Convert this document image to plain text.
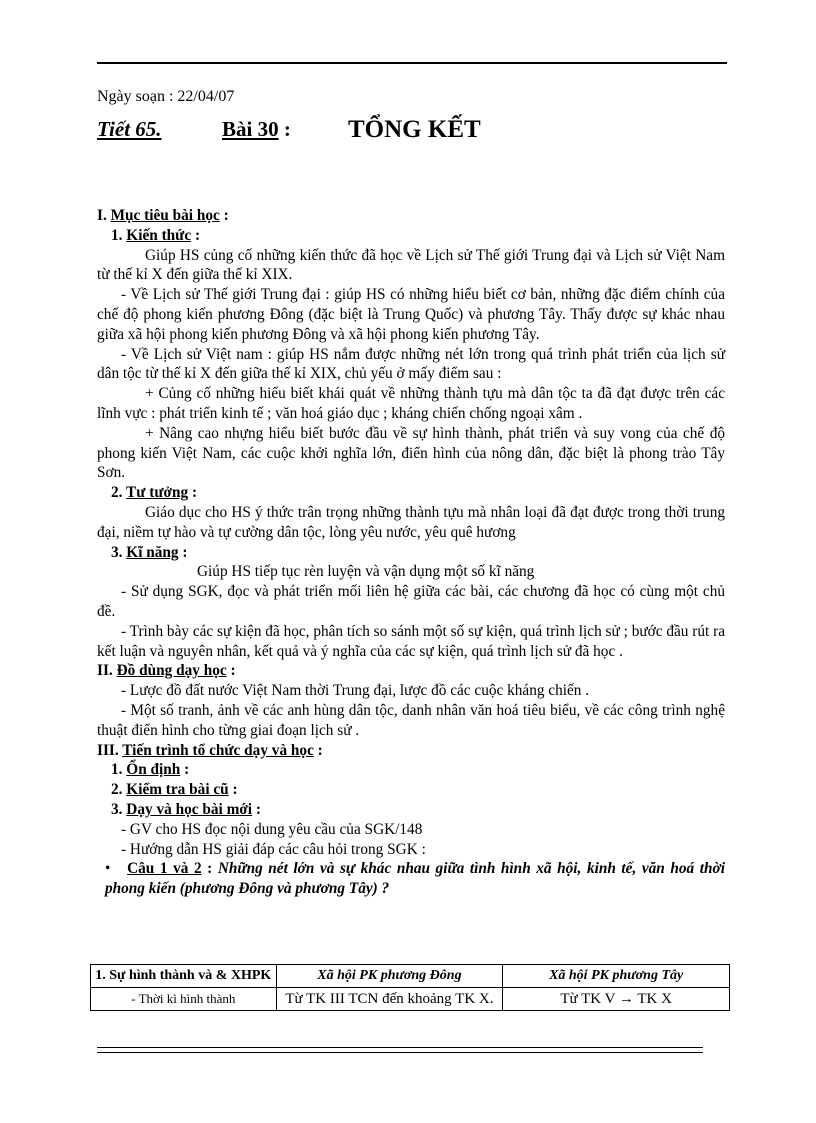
Ngày soạn : 22/04/07
Tiết 65.	Bài 30 : TỔNG KẾT

I. Mục tiêu bài học :

1. Kiến thức :

Giúp HS củng cố những kiến thức đã học về Lịch sử Thế giới Trung đại và Lịch sử Việt Nam từ thế kỉ X đến giữa thế kỉ XIX.

- Về Lịch sử Thế giới Trung đại : giúp HS có những hiểu biết cơ bản, những đặc điểm chính của chế độ phong kiến phương Đông (đặc biệt là Trung Quốc) và phương Tây. Thấy được sự khác nhau giữa xã hội phong kiến phương Đông và xã hội phong kiến phương Tây.

- Về Lịch sử Việt nam : giúp HS nắm được những nét lớn trong quá trình phát triển của lịch sử dân tộc từ thế kỉ X đến giữa thế kỉ XIX, chủ yếu ở mấy điểm sau :

+ Củng cố những hiểu biết khái quát về những thành tựu mà dân tộc ta đã đạt được trên các lĩnh vực : phát triển kinh tế ; văn hoá giáo dục ; kháng chiến chống ngoại xâm .

+ Nâng cao nhựng hiểu biết bước đầu về sự hình thành, phát triển và suy vong của chế độ phong kiến Việt Nam, các cuộc khởi nghĩa lớn, điển hình của nông dân, đặc biệt là phong trào Tây Sơn.

2. Tư tưởng :

Giáo dục cho HS ý thức trân trọng những thành tựu mà nhân loại đã đạt được trong thời trung đại, niềm tự hào và tự cường dân tộc, lòng yêu nước, yêu quê hương

3. Kĩ năng :

Giúp HS tiếp tục rèn luyện và vận dụng một số kĩ năng

- Sử dụng SGK, đọc và phát triển mối liên hệ giữa các bài, các chương đã học có cùng một chủ đề.

- Trình bày các sự kiện đã học, phân tích so sánh một số sự kiện, quá trình lịch sử ; bước đầu rút ra kết luận và nguyên nhân, kết quả và ý nghĩa của các sự kiện, quá trình lịch sử đã học .

II. Đồ dùng dạy học :

- Lược đồ đất nước Việt Nam thời Trung đại, lược đồ các cuộc kháng chiến .

- Một số tranh, ảnh về các anh hùng dân tộc, danh nhân văn hoá tiêu biểu, về các công trình nghệ thuật điển hình cho từng giai đoạn lịch sử .

III. Tiến trình tổ chức dạy và học :

1. Ổn định :

2. Kiểm tra bài cũ :

3. Dạy và học bài mới :

- GV cho HS đọc nội dung yêu cầu của SGK/148

- Hướng dẫn HS giải đáp các câu hỏi trong SGK :

• Câu 1 và 2 : Những nét lớn và sự khác nhau giữa tình hình xã hội, kinh tế, văn hoá thời phong kiến (phương Đông và phương Tây) ?

1. Sự hình thành và & XHPK	Xã hội PK phương Đông	Xã hội PK phương Tây
- Thời kì hình thành	Từ TK III TCN đến khoảng TK X.	Từ TK V → TK X
